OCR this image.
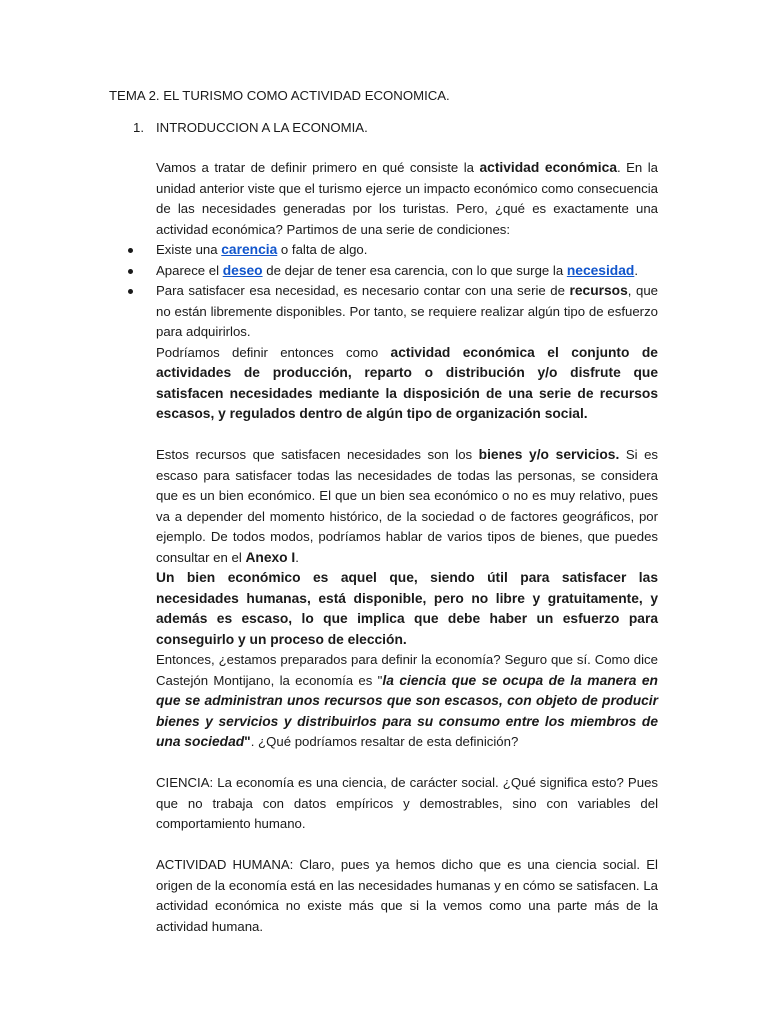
TEMA 2. EL TURISMO COMO ACTIVIDAD ECONOMICA.
1. INTRODUCCION A LA ECONOMIA.

Vamos a tratar de definir primero en qué consiste la actividad económica. En la unidad anterior viste que el turismo ejerce un impacto económico como consecuencia de las necesidades generadas por los turistas. Pero, ¿qué es exactamente una actividad económica? Partimos de una serie de condiciones:

Existe una carencia o falta de algo.
Aparece el deseo de dejar de tener esa carencia, con lo que surge la necesidad.
Para satisfacer esa necesidad, es necesario contar con una serie de recursos, que no están libremente disponibles. Por tanto, se requiere realizar algún tipo de esfuerzo para adquirirlos.

Podríamos definir entonces como actividad económica el conjunto de actividades de producción, reparto o distribución y/o disfrute que satisfacen necesidades mediante la disposición de una serie de recursos escasos, y regulados dentro de algún tipo de organización social.

Estos recursos que satisfacen necesidades son los bienes y/o servicios. Si es escaso para satisfacer todas las necesidades de todas las personas, se considera que es un bien económico. El que un bien sea económico o no es muy relativo, pues va a depender del momento histórico, de la sociedad o de factores geográficos, por ejemplo. De todos modos, podríamos hablar de varios tipos de bienes, que puedes consultar en el Anexo I.

Un bien económico es aquel que, siendo útil para satisfacer las necesidades humanas, está disponible, pero no libre y gratuitamente, y además es escaso, lo que implica que debe haber un esfuerzo para conseguirlo y un proceso de elección.

Entonces, ¿estamos preparados para definir la economía? Seguro que sí. Como dice Castejón Montijano, la economía es "la ciencia que se ocupa de la manera en que se administran unos recursos que son escasos, con objeto de producir bienes y servicios y distribuirlos para su consumo entre los miembros de una sociedad". ¿Qué podríamos resaltar de esta definición?

CIENCIA: La economía es una ciencia, de carácter social. ¿Qué significa esto? Pues que no trabaja con datos empíricos y demostrables, sino con variables del comportamiento humano.

ACTIVIDAD HUMANA: Claro, pues ya hemos dicho que es una ciencia social. El origen de la economía está en las necesidades humanas y en cómo se satisfacen. La actividad económica no existe más que si la vemos como una parte más de la actividad humana.
